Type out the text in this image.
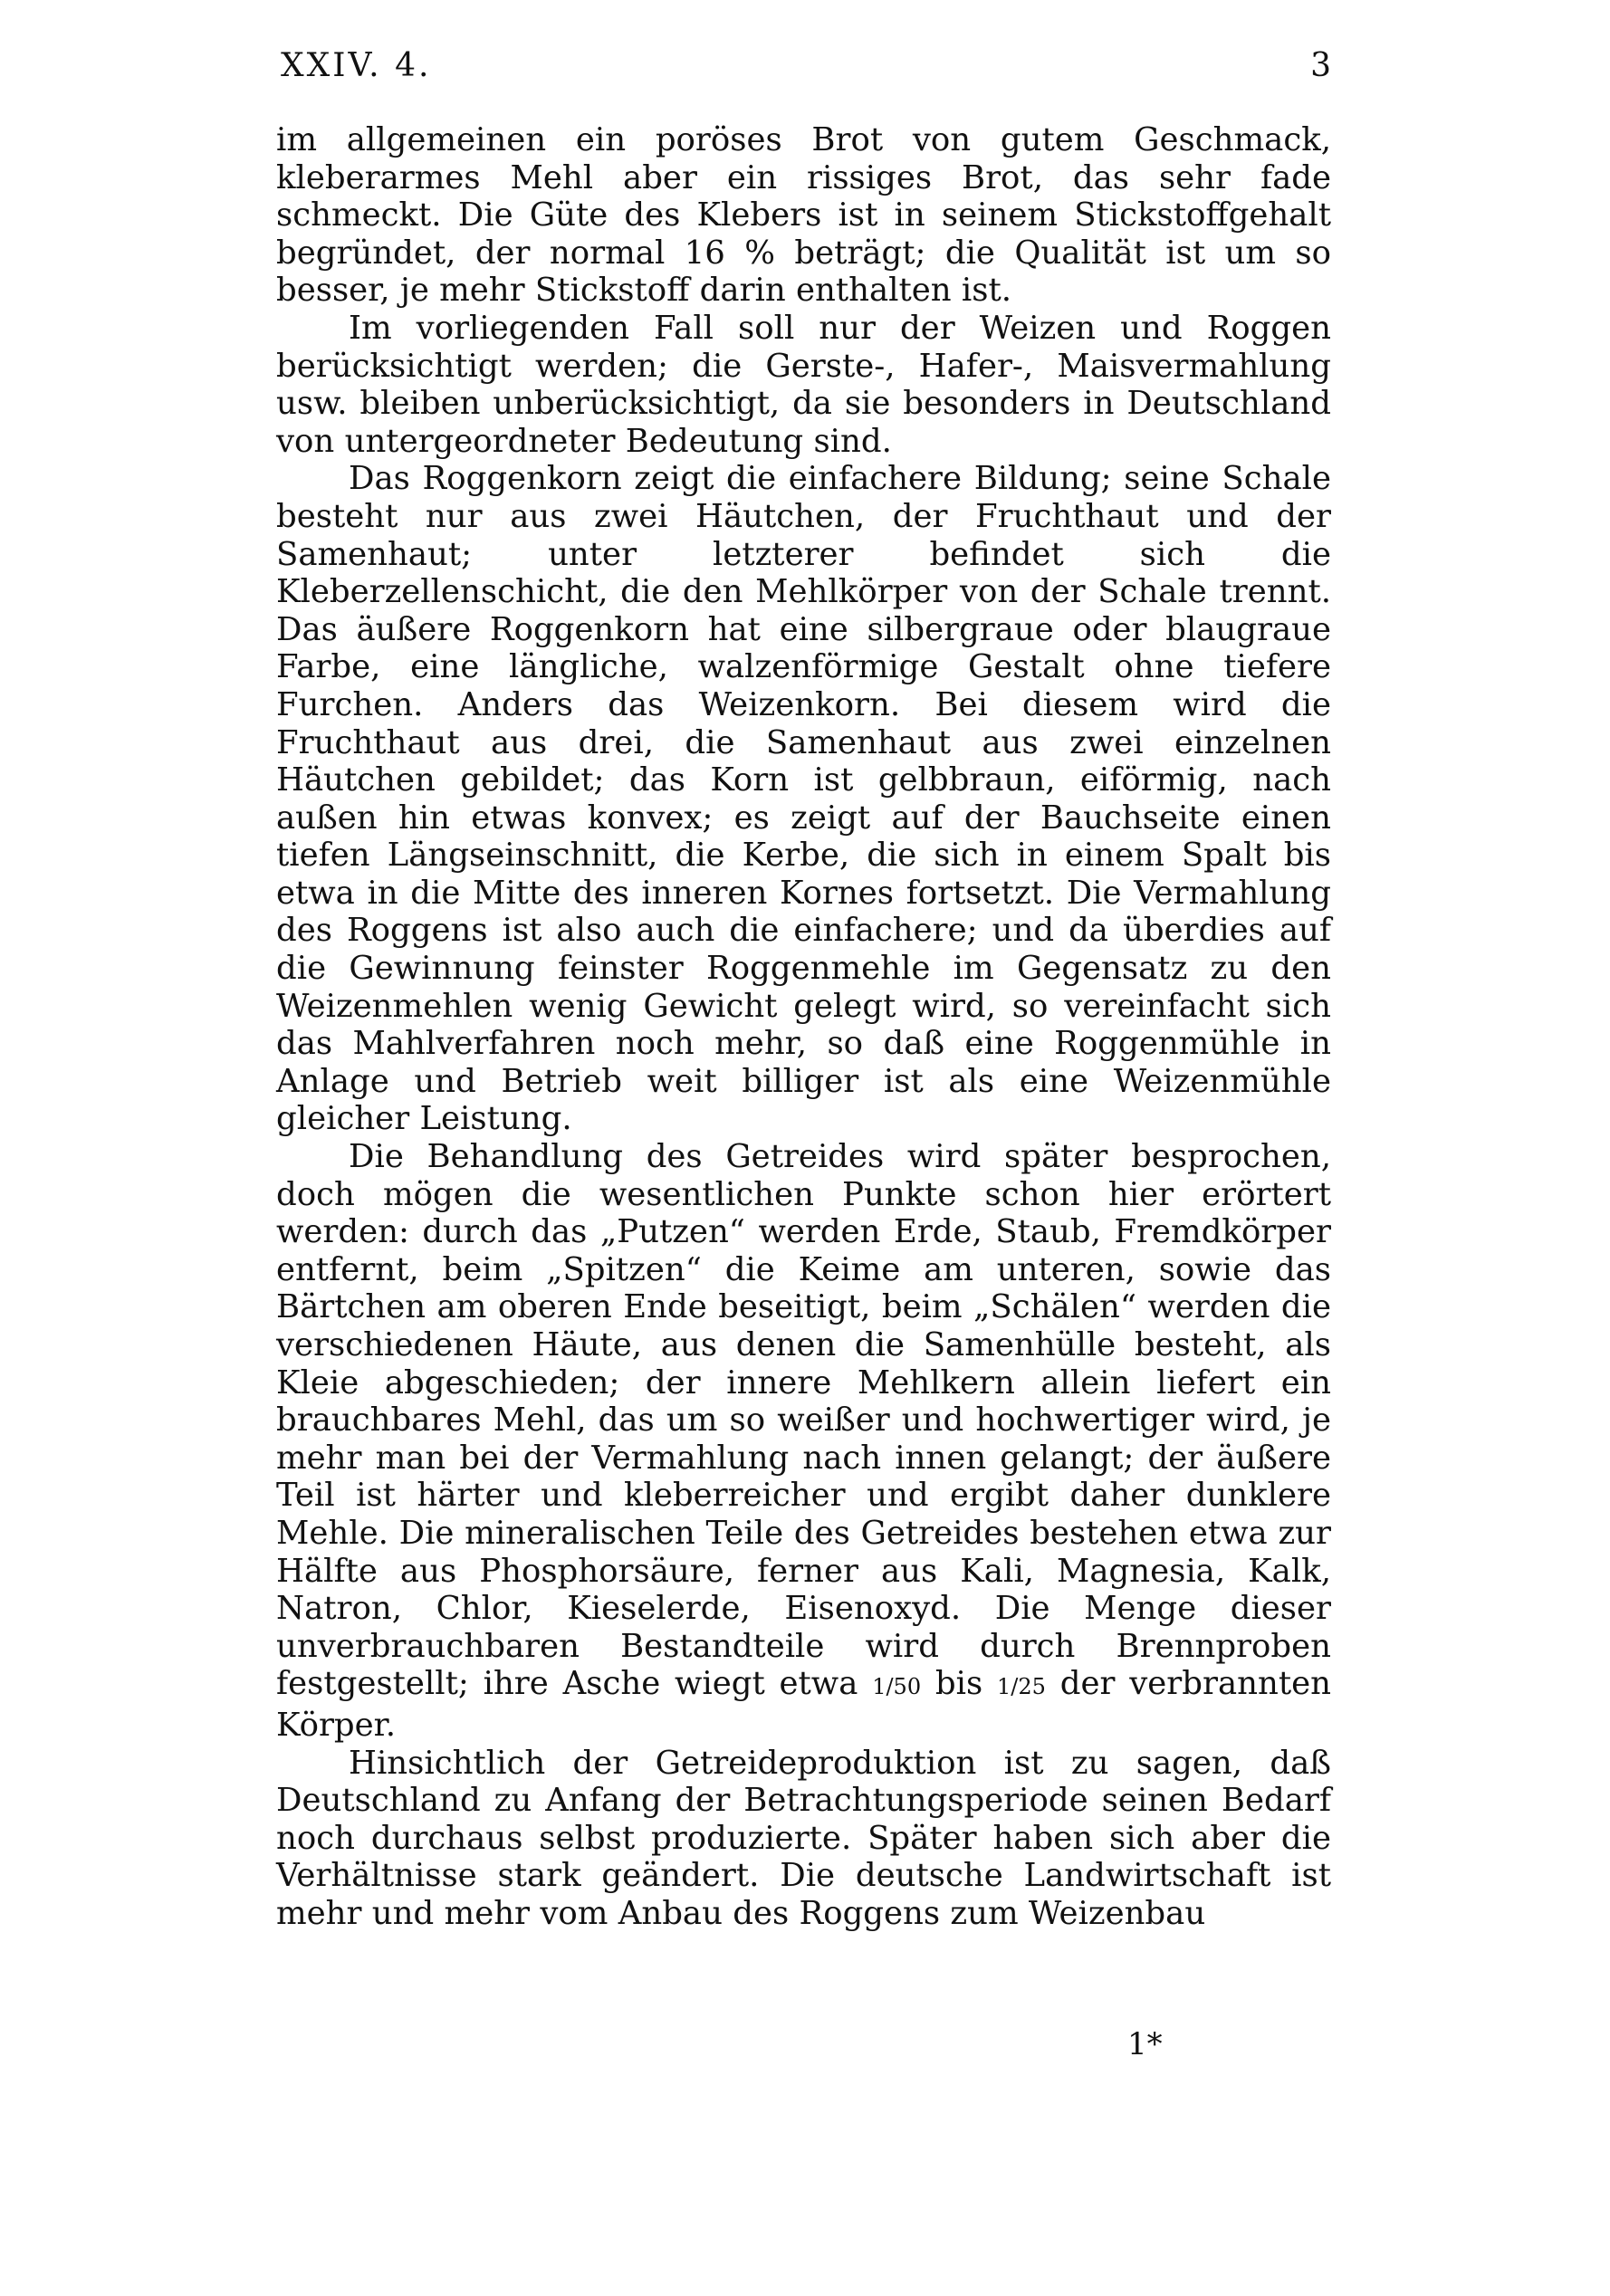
XXIV. 4.	3

im allgemeinen ein poröses Brot von gutem Geschmack, kleberarmes Mehl aber ein rissiges Brot, das sehr fade schmeckt. Die Güte des Klebers ist in seinem Stickstoffgehalt begründet, der normal 16 % beträgt; die Qualität ist um so besser, je mehr Stickstoff darin enthalten ist.

Im vorliegenden Fall soll nur der Weizen und Roggen berücksichtigt werden; die Gerste-, Hafer-, Maisvermahlung usw. bleiben unberücksichtigt, da sie besonders in Deutschland von untergeordneter Bedeutung sind.

Das Roggenkorn zeigt die einfachere Bildung; seine Schale besteht nur aus zwei Häutchen, der Fruchthaut und der Samenhaut; unter letzterer befindet sich die Kleberzellenschicht, die den Mehlkörper von der Schale trennt. Das äußere Roggenkorn hat eine silbergraue oder blaugraue Farbe, eine längliche, walzenförmige Gestalt ohne tiefere Furchen. Anders das Weizenkorn. Bei diesem wird die Fruchthaut aus drei, die Samenhaut aus zwei einzelnen Häutchen gebildet; das Korn ist gelbbraun, eiförmig, nach außen hin etwas konvex; es zeigt auf der Bauchseite einen tiefen Längseinschnitt, die Kerbe, die sich in einem Spalt bis etwa in die Mitte des inneren Kornes fortsetzt. Die Vermahlung des Roggens ist also auch die einfachere; und da überdies auf die Gewinnung feinster Roggenmehle im Gegensatz zu den Weizenmehlen wenig Gewicht gelegt wird, so vereinfacht sich das Mahlverfahren noch mehr, so daß eine Roggenmühle in Anlage und Betrieb weit billiger ist als eine Weizenmühle gleicher Leistung.

Die Behandlung des Getreides wird später besprochen, doch mögen die wesentlichen Punkte schon hier erörtert werden: durch das „Putzen“ werden Erde, Staub, Fremdkörper entfernt, beim „Spitzen“ die Keime am unteren, sowie das Bärtchen am oberen Ende beseitigt, beim „Schälen“ werden die verschiedenen Häute, aus denen die Samenhülle besteht, als Kleie abgeschieden; der innere Mehlkern allein liefert ein brauchbares Mehl, das um so weißer und hochwertiger wird, je mehr man bei der Vermahlung nach innen gelangt; der äußere Teil ist härter und kleberreicher und ergibt daher dunklere Mehle. Die mineralischen Teile des Getreides bestehen etwa zur Hälfte aus Phosphorsäure, ferner aus Kali, Magnesia, Kalk, Natron, Chlor, Kieselerde, Eisenoxyd. Die Menge dieser unverbrauchbaren Bestandteile wird durch Brennproben festgestellt; ihre Asche wiegt etwa 1/50 bis 1/25 der verbrannten Körper.

Hinsichtlich der Getreideproduktion ist zu sagen, daß Deutschland zu Anfang der Betrachtungsperiode seinen Bedarf noch durchaus selbst produzierte. Später haben sich aber die Verhältnisse stark geändert. Die deutsche Landwirtschaft ist mehr und mehr vom Anbau des Roggens zum Weizenbau

1*
